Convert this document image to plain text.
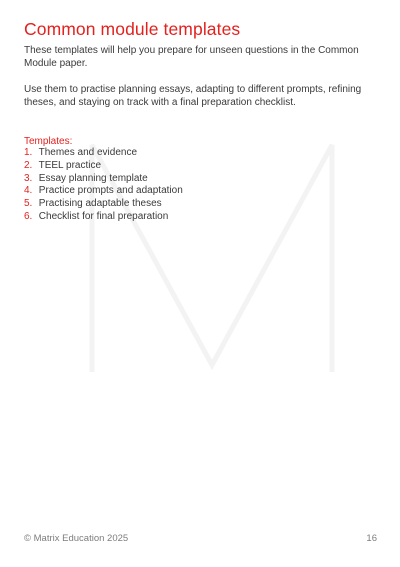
Common module templates

These templates will help you prepare for unseen questions in the Common Module paper.

Use them to practise planning essays, adapting to different prompts, refining theses, and staying on track with a final preparation checklist.

Templates:

1. Themes and evidence
2. TEEL practice
3. Essay planning template
4. Practice prompts and adaptation
5. Practising adaptable theses
6. Checklist for final preparation
© Matrix Education 2025	16
